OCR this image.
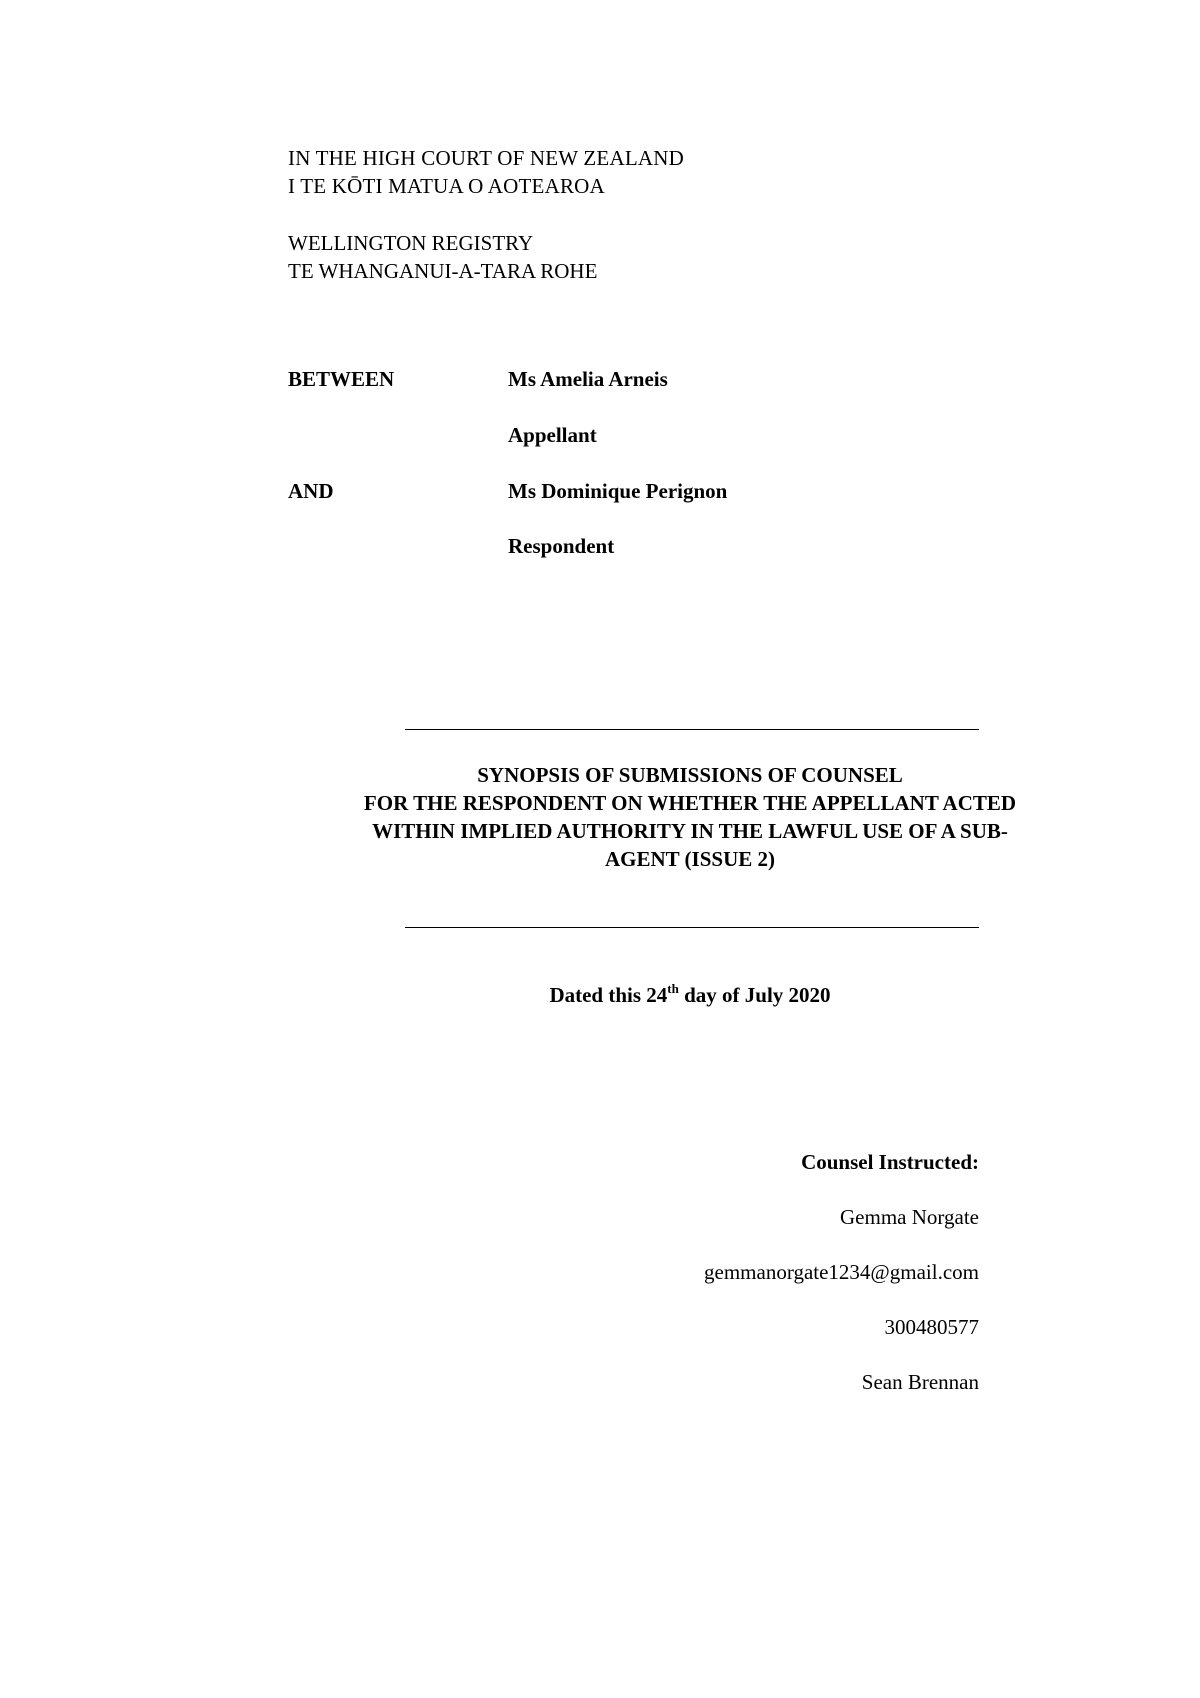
IN THE HIGH COURT OF NEW ZEALAND
I TE KŌTI MATUA O AOTEAROA
WELLINGTON REGISTRY
TE WHANGANUI-A-TARA ROHE
BETWEEN	Ms Amelia Arneis
Appellant
AND	Ms Dominique Perignon
Respondent
SYNOPSIS OF SUBMISSIONS OF COUNSEL
FOR THE RESPONDENT ON WHETHER THE APPELLANT ACTED
WITHIN IMPLIED AUTHORITY IN THE LAWFUL USE OF A SUB-
AGENT (ISSUE 2)
Dated this 24th day of July 2020
Counsel Instructed:
Gemma Norgate
gemmanorgate1234@gmail.com
300480577
Sean Brennan
